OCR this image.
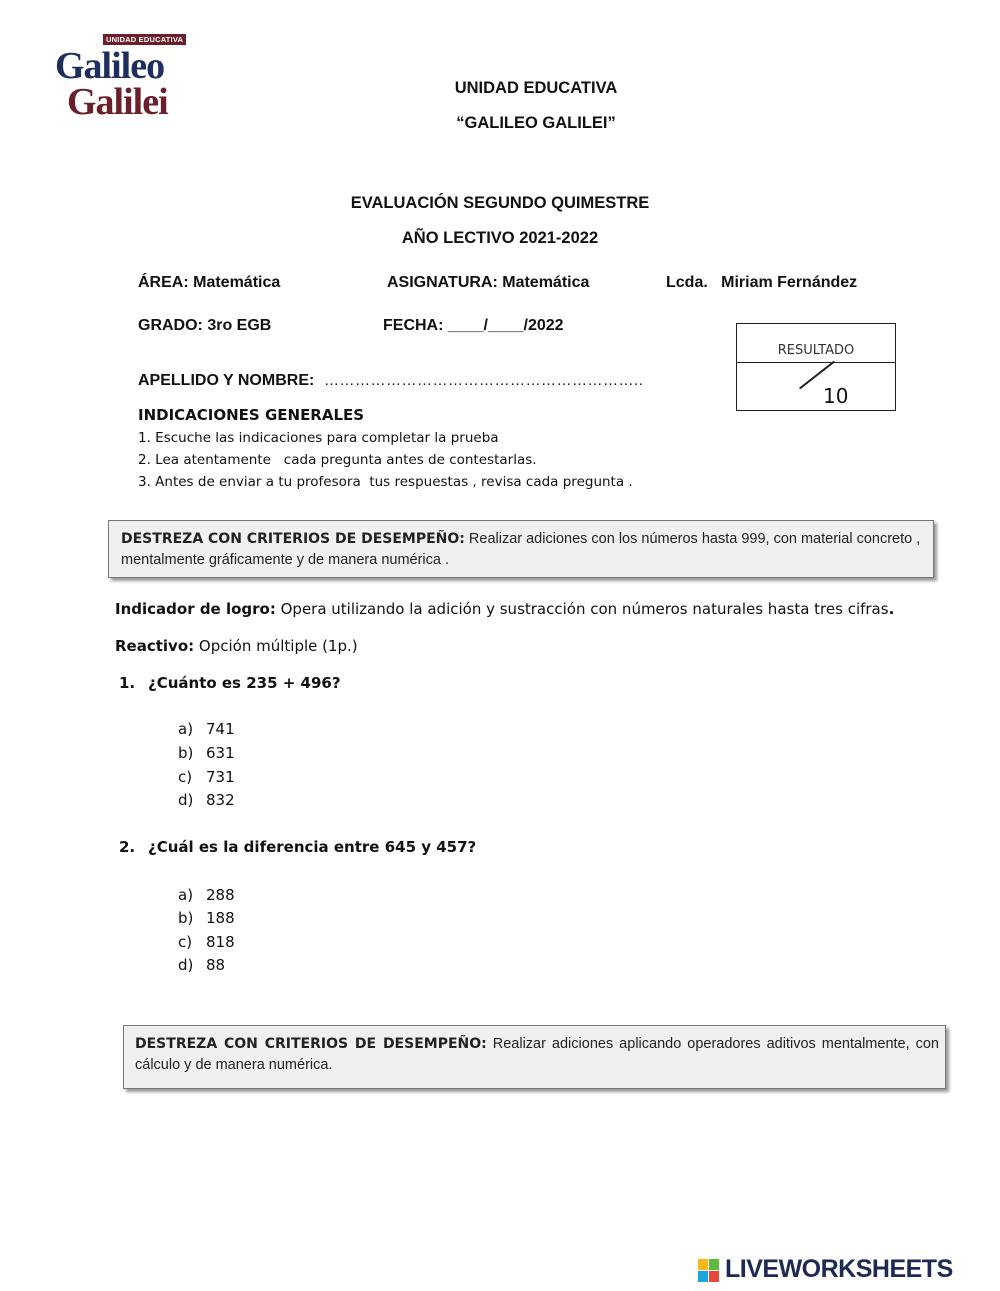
UNIDAD EDUCATIVA
Galileo
Galilei	UNIDAD EDUCATIVA
“GALILEO GALILEI”
EVALUACIÓN SEGUNDO QUIMESTRE
AÑO LECTIVO 2021-2022
ÁREA: Matemática	ASIGNATURA: Matemática	Lcda.   Miriam Fernández
GRADO: 3ro EGB	FECHA: ____/____/2022
APELLIDO Y NOMBRE: ……………………………………………………..
RESULTADO
10
INDICACIONES GENERALES
1. Escuche las indicaciones para completar la prueba
2. Lea atentamente   cada pregunta antes de contestarlas.
3. Antes de enviar a tu profesora  tus respuestas , revisa cada pregunta .
DESTREZA CON CRITERIOS DE DESEMPEÑO: Realizar adiciones con los números hasta 999, con material concreto ,
mentalmente gráficamente y de manera numérica .
Indicador de logro: Opera utilizando la adición y sustracción con números naturales hasta tres cifras.
Reactivo: Opción múltiple (1p.)
1. ¿Cuánto es 235 + 496?
a) 741
b) 631
c) 731
d) 832
2. ¿Cuál es la diferencia entre 645 y 457?
a) 288
b) 188
c) 818
d) 88
DESTREZA CON CRITERIOS DE DESEMPEÑO: Realizar adiciones aplicando operadores aditivos mentalmente, con
cálculo y de manera numérica.
LIVEWORKSHEETS
